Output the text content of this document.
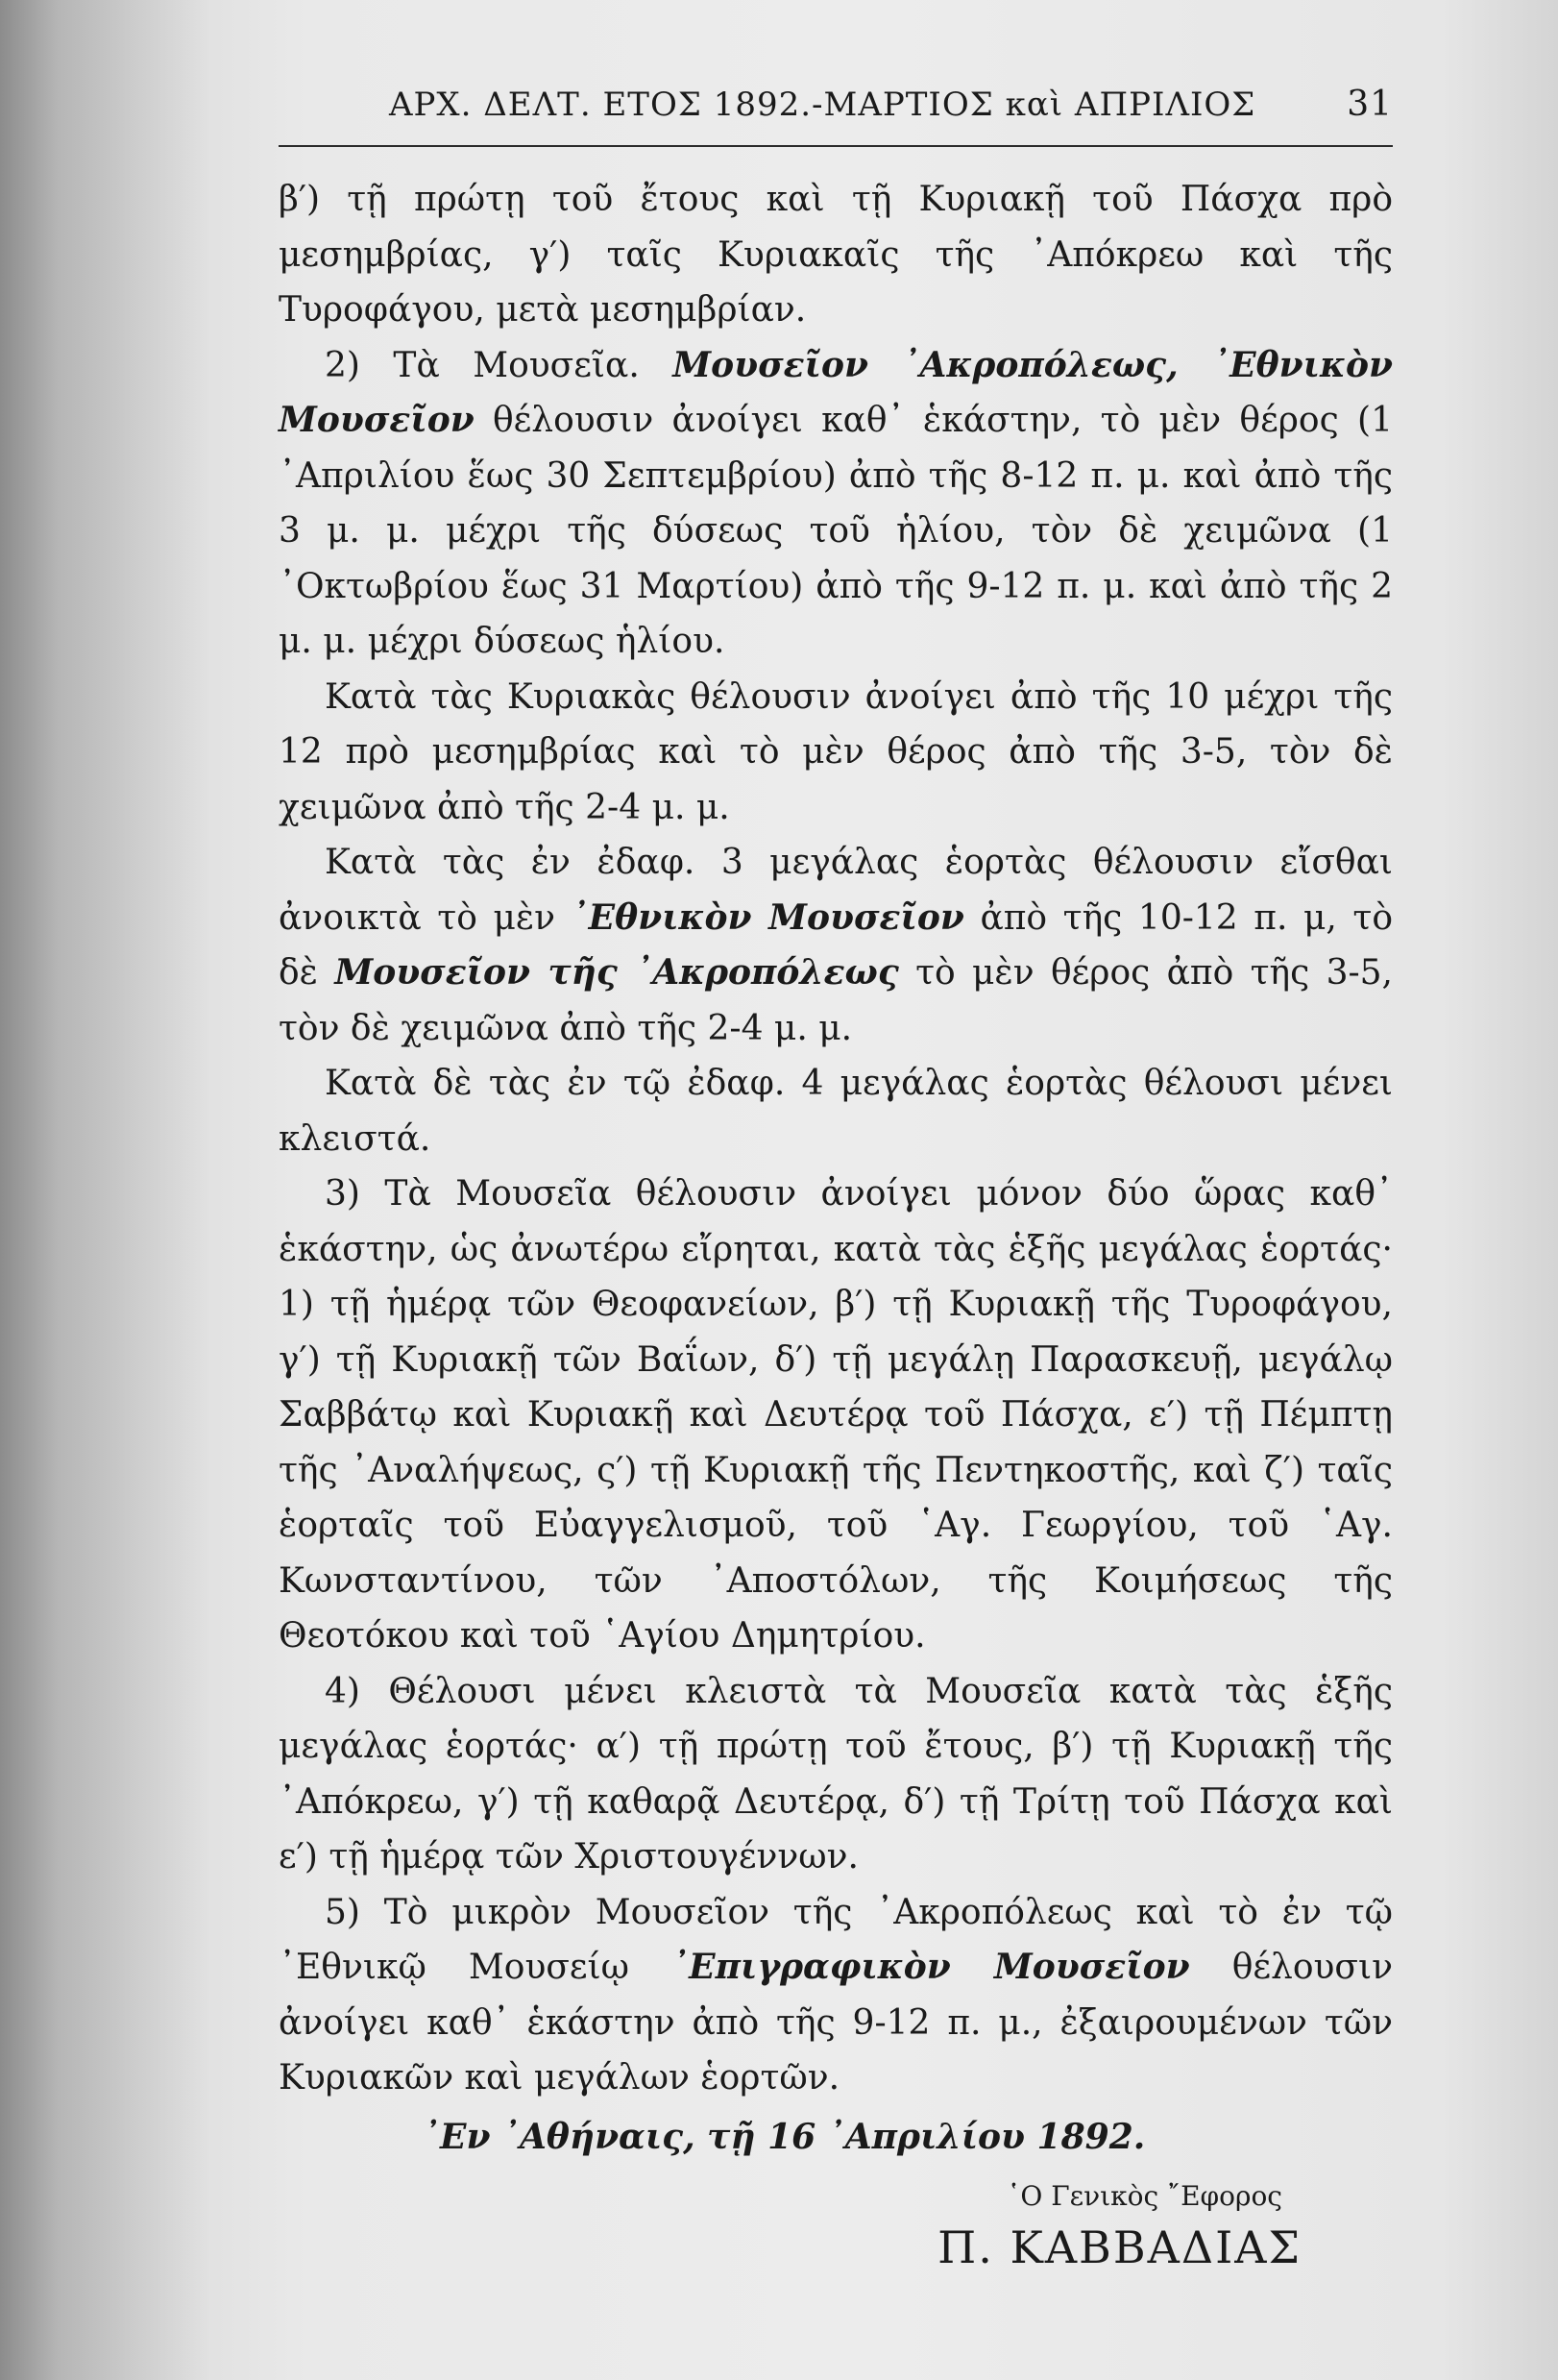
ΑΡΧ. ΔΕΛΤ. ΕΤΟΣ 1892.-ΜΑΡΤΙΟΣ καὶ ΑΠΡΙΛΙΟΣ	31

β′) τῇ πρώτῃ τοῦ ἔτους καὶ τῇ Κυριακῇ τοῦ Πάσχα πρὸ μεσημβρίας, γ′) ταῖς Κυριακαῖς τῆς ᾿Απόκρεω καὶ τῆς Τυροφάγου, μετὰ μεσημβρίαν.

2) Τὰ Μουσεῖα. Μουσεῖον ᾿Ακροπόλεως, ᾿Εθνικὸν Μουσεῖον θέλουσιν ἀνοίγει καθ᾿ ἑκάστην, τὸ μὲν θέρος (1 ᾿Απριλίου ἕως 30 Σεπτεμβρίου) ἀπὸ τῆς 8-12 π. μ. καὶ ἀπὸ τῆς 3 μ. μ. μέχρι τῆς δύσεως τοῦ ἡλίου, τὸν δὲ χειμῶνα (1 ᾿Οκτωβρίου ἕως 31 Μαρτίου) ἀπὸ τῆς 9-12 π. μ. καὶ ἀπὸ τῆς 2 μ. μ. μέχρι δύσεως ἡλίου.

Κατὰ τὰς Κυριακὰς θέλουσιν ἀνοίγει ἀπὸ τῆς 10 μέχρι τῆς 12 πρὸ μεσημβρίας καὶ τὸ μὲν θέρος ἀπὸ τῆς 3-5, τὸν δὲ χειμῶνα ἀπὸ τῆς 2-4 μ. μ.

Κατὰ τὰς ἐν ἐδαφ. 3 μεγάλας ἑορτὰς θέλουσιν εἴσθαι ἀνοικτὰ τὸ μὲν ᾿Εθνικὸν Μουσεῖον ἀπὸ τῆς 10-12 π. μ, τὸ δὲ Μουσεῖον τῆς ᾿Ακροπόλεως τὸ μὲν θέρος ἀπὸ τῆς 3-5, τὸν δὲ χειμῶνα ἀπὸ τῆς 2-4 μ. μ.

Κατὰ δὲ τὰς ἐν τῷ ἐδαφ. 4 μεγάλας ἑορτὰς θέλουσι μένει κλειστά.

3) Τὰ Μουσεῖα θέλουσιν ἀνοίγει μόνον δύο ὥρας καθ᾿ ἑκάστην, ὡς ἀνωτέρω εἴρηται, κατὰ τὰς ἑξῆς μεγάλας ἑορτάς· 1) τῇ ἡμέρᾳ τῶν Θεοφανείων, β′) τῇ Κυριακῇ τῆς Τυροφάγου, γ′) τῇ Κυριακῇ τῶν Βαΐων, δ′) τῇ μεγάλῃ Παρασκευῇ, μεγάλῳ Σαββάτῳ καὶ Κυριακῇ καὶ Δευτέρᾳ τοῦ Πάσχα, ε′) τῇ Πέμπτῃ τῆς ᾿Αναλήψεως, ς′) τῇ Κυριακῇ τῆς Πεντηκοστῆς, καὶ ζ′) ταῖς ἑορταῖς τοῦ Εὐαγγελισμοῦ, τοῦ ῾Αγ. Γεωργίου, τοῦ ῾Αγ. Κωνσταντίνου, τῶν ᾿Αποστόλων, τῆς Κοιμήσεως τῆς Θεοτόκου καὶ τοῦ ῾Αγίου Δημητρίου.

4) Θέλουσι μένει κλειστὰ τὰ Μουσεῖα κατὰ τὰς ἑξῆς μεγάλας ἑορτάς· α′) τῇ πρώτῃ τοῦ ἔτους, β′) τῇ Κυριακῇ τῆς ᾿Απόκρεω, γ′) τῇ καθαρᾷ Δευτέρᾳ, δ′) τῇ Τρίτῃ τοῦ Πάσχα καὶ ε′) τῇ ἡμέρᾳ τῶν Χριστουγέννων.

5) Τὸ μικρὸν Μουσεῖον τῆς ᾿Ακροπόλεως καὶ τὸ ἐν τῷ ᾿Εθνικῷ Μουσείῳ ᾿Επιγραφικὸν Μουσεῖον θέλουσιν ἀνοίγει καθ᾿ ἑκάστην ἀπὸ τῆς 9-12 π. μ., ἐξαιρουμένων τῶν Κυριακῶν καὶ μεγάλων ἑορτῶν.

᾿Εν ᾿Αθήναις, τῇ 16 ᾿Απριλίου 1892.
῾Ο Γενικὸς ῎Εφορος
Π. ΚΑΒΒΑΔΙΑΣ
